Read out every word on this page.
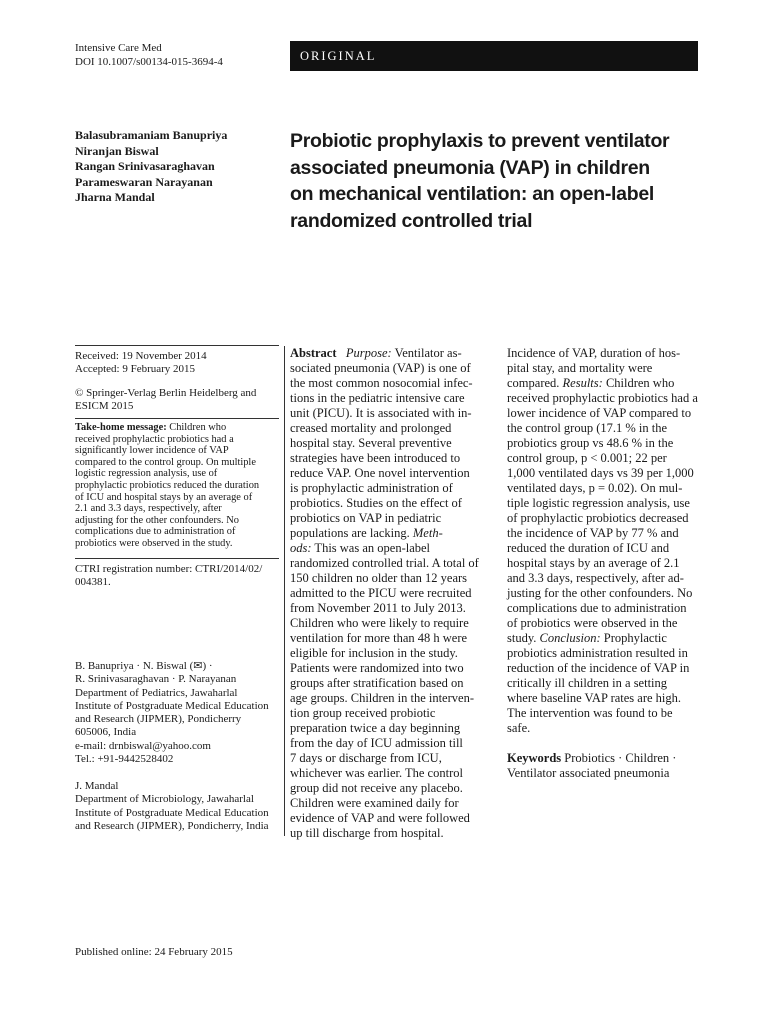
Intensive Care Med
DOI 10.1007/s00134-015-3694-4	ORIGINAL
Balasubramaniam Banupriya
Niranjan Biswal
Rangan Srinivasaraghavan
Parameswaran Narayanan
Jharna Mandal
Probiotic prophylaxis to prevent ventilator
associated pneumonia (VAP) in children
on mechanical ventilation: an open-label
randomized controlled trial
Received: 19 November 2014
Accepted: 9 February 2015
© Springer-Verlag Berlin Heidelberg and
ESICM 2015
Take-home message: Children who
received prophylactic probiotics had a
significantly lower incidence of VAP
compared to the control group. On multiple
logistic regression analysis, use of
prophylactic probiotics reduced the duration
of ICU and hospital stays by an average of
2.1 and 3.3 days, respectively, after
adjusting for the other confounders. No
complications due to administration of
probiotics were observed in the study.
CTRI registration number: CTRI/2014/02/
004381.
B. Banupriya · N. Biswal (✉) ·
R. Srinivasaraghavan · P. Narayanan
Department of Pediatrics, Jawaharlal
Institute of Postgraduate Medical Education
and Research (JIPMER), Pondicherry
605006, India
e-mail: drnbiswal@yahoo.com
Tel.: +91-9442528402
J. Mandal
Department of Microbiology, Jawaharlal
Institute of Postgraduate Medical Education
and Research (JIPMER), Pondicherry, India
Abstract Purpose: Ventilator as-
sociated pneumonia (VAP) is one of
the most common nosocomial infec-
tions in the pediatric intensive care
unit (PICU). It is associated with in-
creased mortality and prolonged
hospital stay. Several preventive
strategies have been introduced to
reduce VAP. One novel intervention
is prophylactic administration of
probiotics. Studies on the effect of
probiotics on VAP in pediatric
populations are lacking. Meth-
ods: This was an open-label
randomized controlled trial. A total of
150 children no older than 12 years
admitted to the PICU were recruited
from November 2011 to July 2013.
Children who were likely to require
ventilation for more than 48 h were
eligible for inclusion in the study.
Patients were randomized into two
groups after stratification based on
age groups. Children in the interven-
tion group received probiotic
preparation twice a day beginning
from the day of ICU admission till
7 days or discharge from ICU,
whichever was earlier. The control
group did not receive any placebo.
Children were examined daily for
evidence of VAP and were followed
up till discharge from hospital.
Incidence of VAP, duration of hos-
pital stay, and mortality were
compared. Results: Children who
received prophylactic probiotics had a
lower incidence of VAP compared to
the control group (17.1 % in the
probiotics group vs 48.6 % in the
control group, p < 0.001; 22 per
1,000 ventilated days vs 39 per 1,000
ventilated days, p = 0.02). On mul-
tiple logistic regression analysis, use
of prophylactic probiotics decreased
the incidence of VAP by 77 % and
reduced the duration of ICU and
hospital stays by an average of 2.1
and 3.3 days, respectively, after ad-
justing for the other confounders. No
complications due to administration
of probiotics were observed in the
study. Conclusion: Prophylactic
probiotics administration resulted in
reduction of the incidence of VAP in
critically ill children in a setting
where baseline VAP rates are high.
The intervention was found to be
safe.
Keywords Probiotics · Children ·
Ventilator associated pneumonia
Published online: 24 February 2015
